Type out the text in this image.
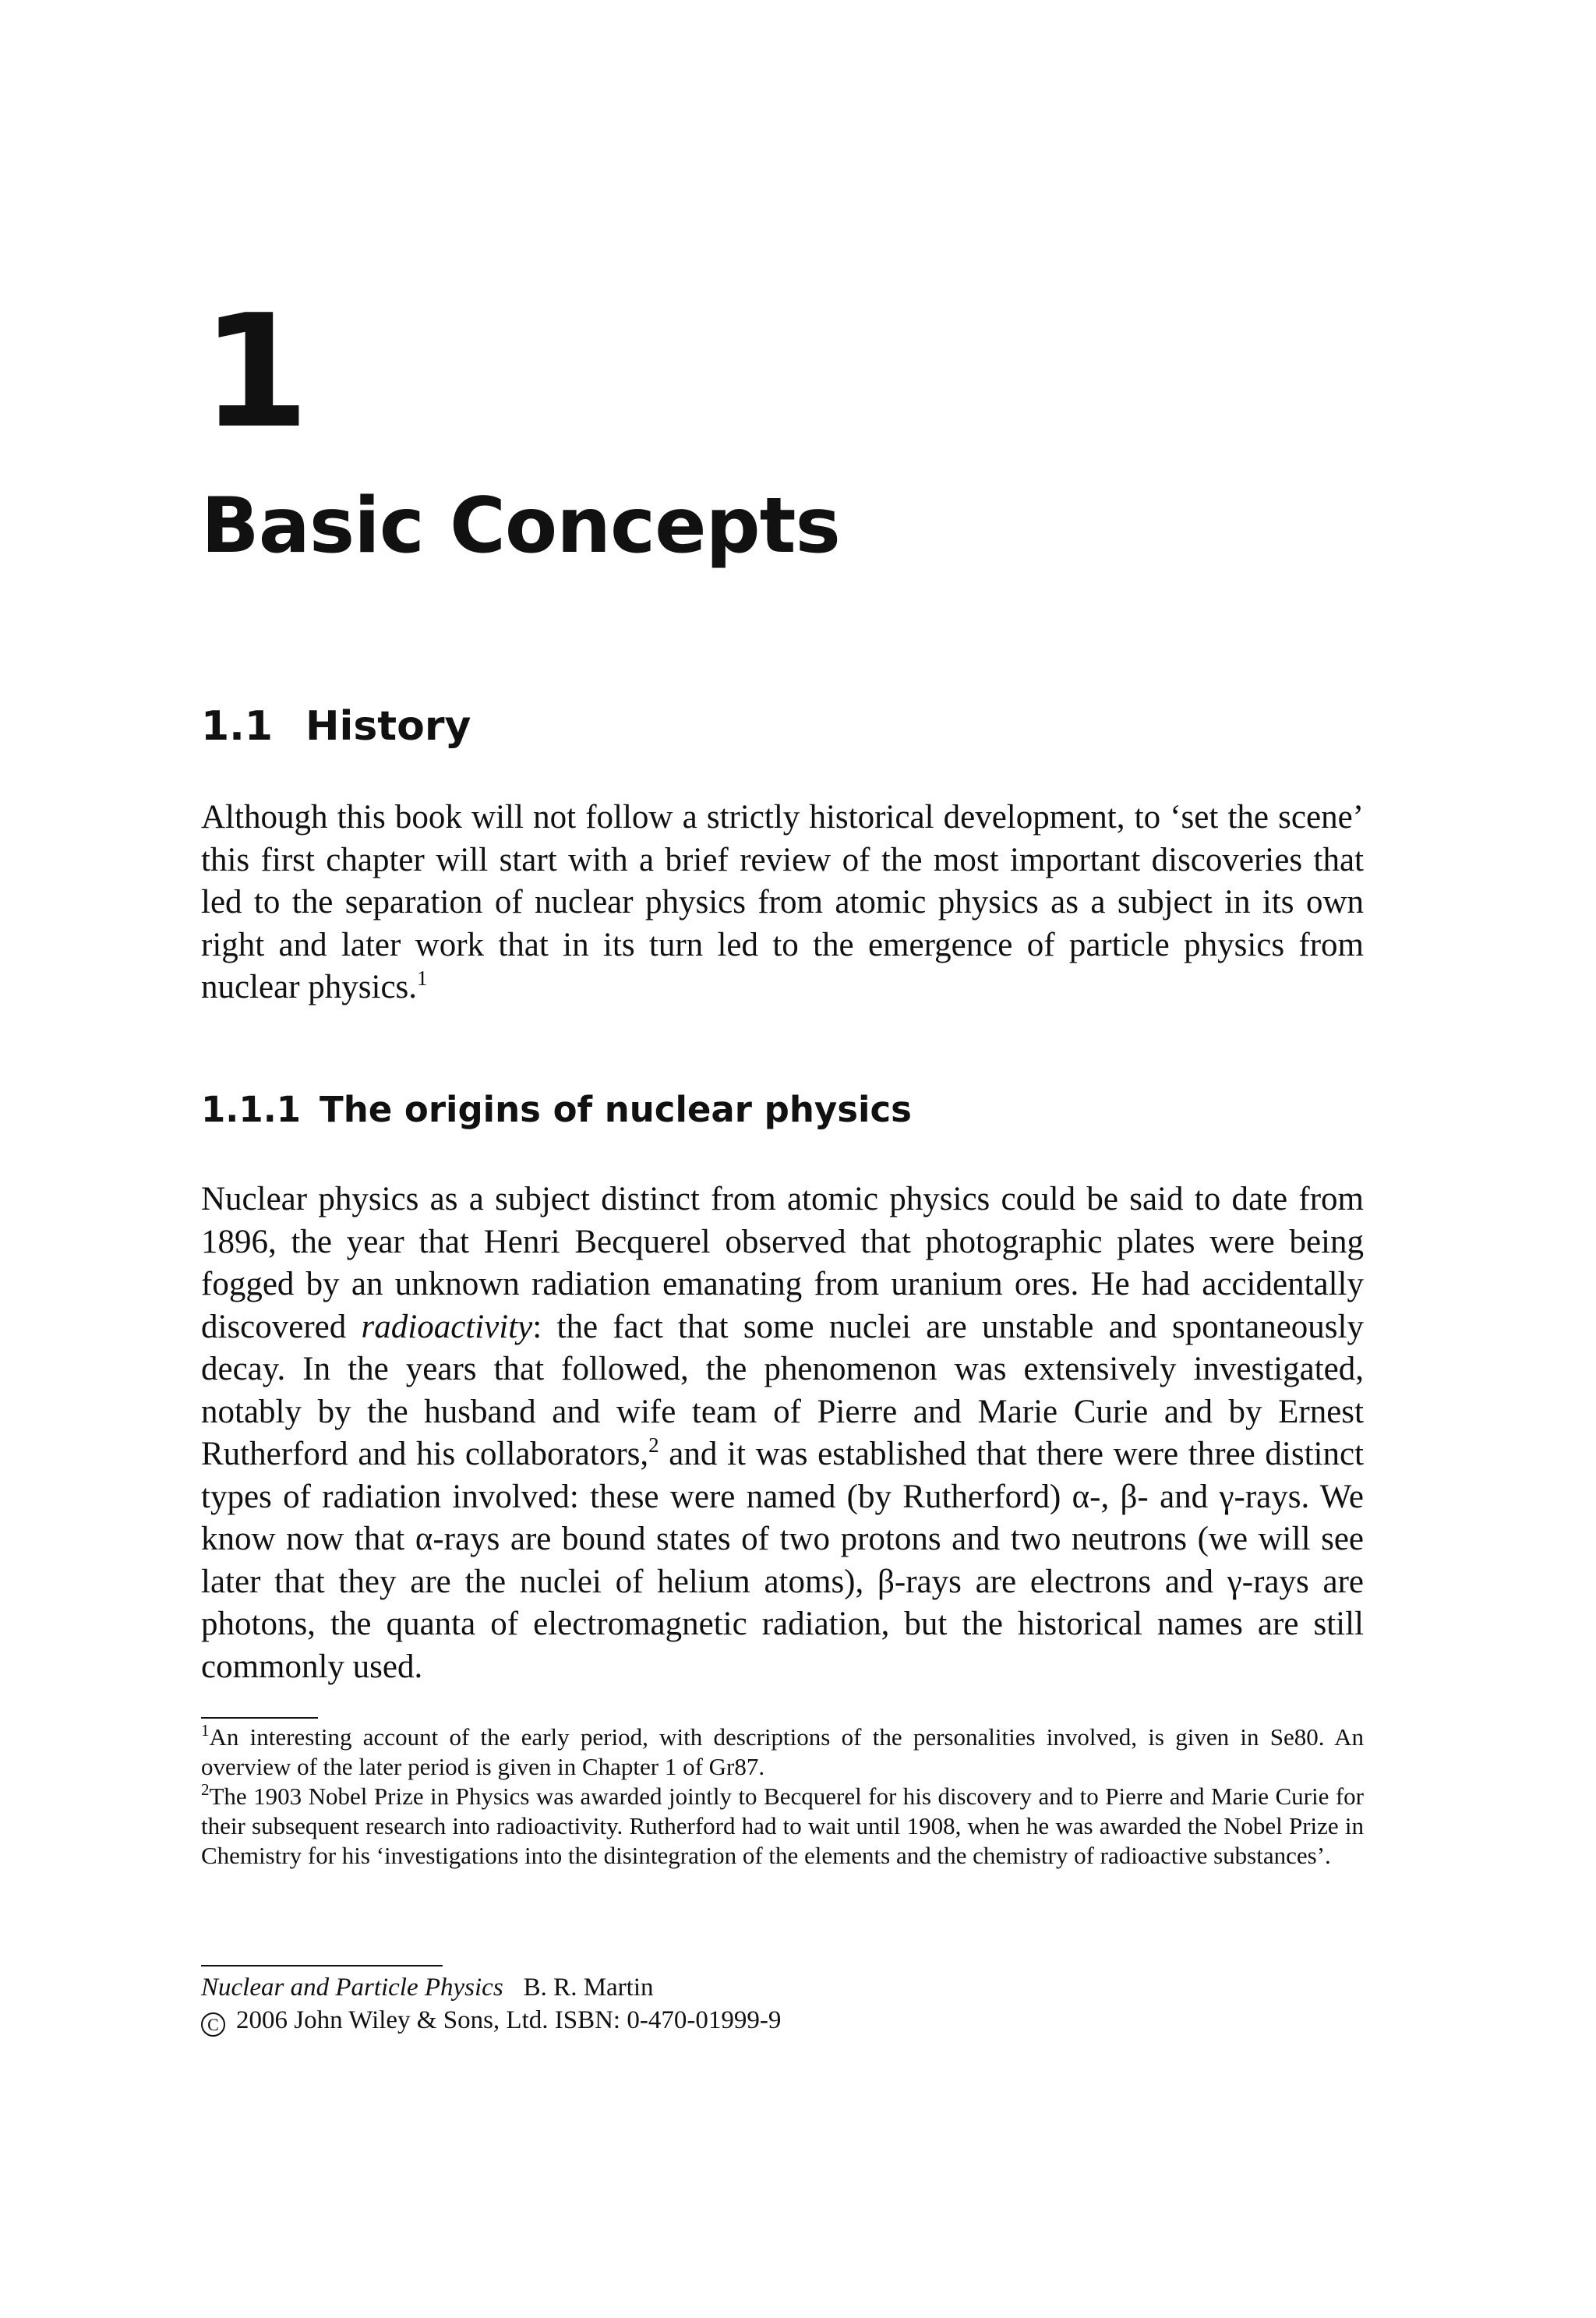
1
Basic Concepts
1.1 History

Although this book will not follow a strictly historical development, to ‘set the scene’ this first chapter will start with a brief review of the most important discoveries that led to the separation of nuclear physics from atomic physics as a subject in its own right and later work that in its turn led to the emergence of particle physics from nuclear physics.$^1$

1.1.1 The origins of nuclear physics

Nuclear physics as a subject distinct from atomic physics could be said to date from 1896, the year that Henri Becquerel observed that photographic plates were being fogged by an unknown radiation emanating from uranium ores. He had accidentally discovered radioactivity: the fact that some nuclei are unstable and spontaneously decay. In the years that followed, the phenomenon was extensively investigated, notably by the husband and wife team of Pierre and Marie Curie and by Ernest Rutherford and his collaborators,$^2$ and it was established that there were three distinct types of radiation involved: these were named (by Rutherford) α-, β- and γ-rays. We know now that α-rays are bound states of two protons and two neutrons (we will see later that they are the nuclei of helium atoms), β-rays are electrons and γ-rays are photons, the quanta of electromagnetic radiation, but the historical names are still commonly used.

$^1$An interesting account of the early period, with descriptions of the personalities involved, is given in Se80. An overview of the later period is given in Chapter 1 of Gr87.

$^2$The 1903 Nobel Prize in Physics was awarded jointly to Becquerel for his discovery and to Pierre and Marie Curie for their subsequent research into radioactivity. Rutherford had to wait until 1908, when he was awarded the Nobel Prize in Chemistry for his ‘investigations into the disintegration of the elements and the chemistry of radioactive substances’.

Nuclear and Particle Physics B. R. Martin
C 2006 John Wiley & Sons, Ltd. ISBN: 0-470-01999-9
